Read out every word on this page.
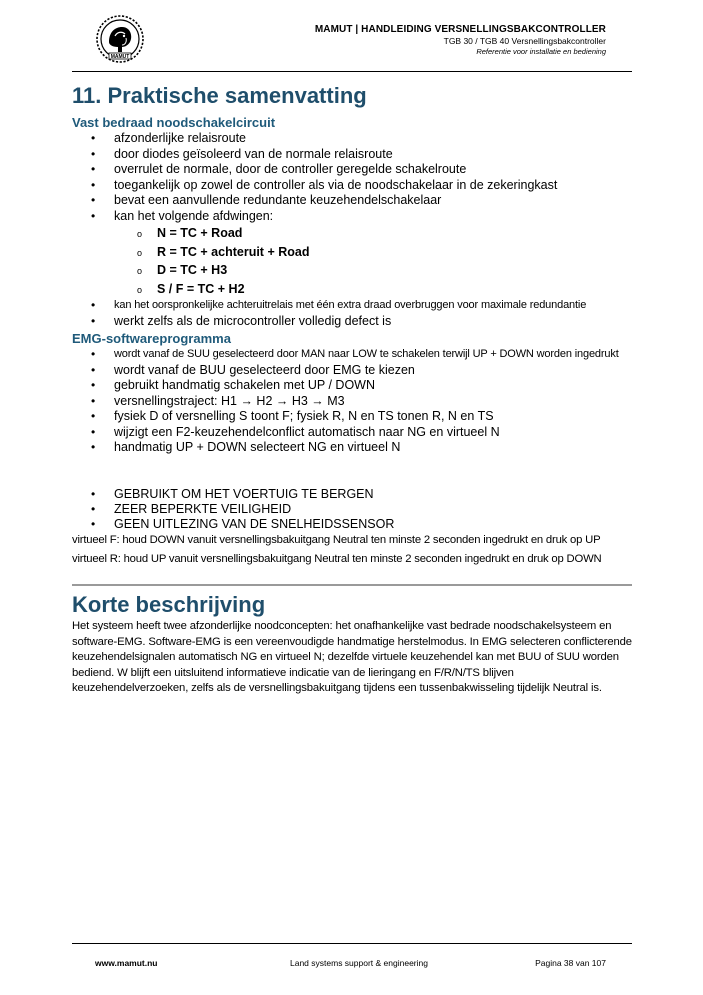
MAMUT
MAMUT | HANDLEIDING VERSNELLINGSBAKCONTROLLER
TGB 30 / TGB 40 Versnellingsbakcontroller
Referentie voor installatie en bediening
11. Praktische samenvatting
Vast bedraad noodschakelcircuit
• afzonderlijke relaisroute
• door diodes geïsoleerd van de normale relaisroute
• overrulet de normale, door de controller geregelde schakelroute
• toegankelijk op zowel de controller als via de noodschakelaar in de zekeringkast
• bevat een aanvullende redundante keuzehendelschakelaar
• kan het volgende afdwingen:
o N = TC + Road
o R = TC + achteruit + Road
o D = TC + H3
o S / F = TC + H2
• kan het oorspronkelijke achteruitrelais met één extra draad overbruggen voor maximale redundantie
• werkt zelfs als de microcontroller volledig defect is
EMG-softwareprogramma
• wordt vanaf de SUU geselecteerd door MAN naar LOW te schakelen terwijl UP + DOWN worden ingedrukt
• wordt vanaf de BUU geselecteerd door EMG te kiezen
• gebruikt handmatig schakelen met UP / DOWN
• versnellingstraject: H1 → H2 → H3 → M3
• fysiek D of versnelling S toont F; fysiek R, N en TS tonen R, N en TS
• wijzigt een F2-keuzehendelconflict automatisch naar NG en virtueel N
• handmatig UP + DOWN selecteert NG en virtueel N
• GEBRUIKT OM HET VOERTUIG TE BERGEN
• ZEER BEPERKTE VEILIGHEID
• GEEN UITLEZING VAN DE SNELHEIDSSENSOR
virtueel F: houd DOWN vanuit versnellingsbakuitgang Neutral ten minste 2 seconden ingedrukt en druk op UP
virtueel R: houd UP vanuit versnellingsbakuitgang Neutral ten minste 2 seconden ingedrukt en druk op DOWN
Korte beschrijving

Het systeem heeft twee afzonderlijke noodconcepten: het onafhankelijke vast bedrade noodschakelsysteem en software-EMG. Software-EMG is een vereenvoudigde handmatige herstelmodus. In EMG selecteren conflicterende keuzehendelsignalen automatisch NG en virtueel N; dezelfde virtuele keuzehendel kan met BUU of SUU worden bediend. W blijft een uitsluitend informatieve indicatie van de lieringang en F/R/N/TS blijven keuzehendelverzoeken, zelfs als de versnellingsbakuitgang tijdens een tussenbakwisseling tijdelijk Neutral is.

www.mamut.nu	Land systems support & engineering	Pagina 38 van 107
